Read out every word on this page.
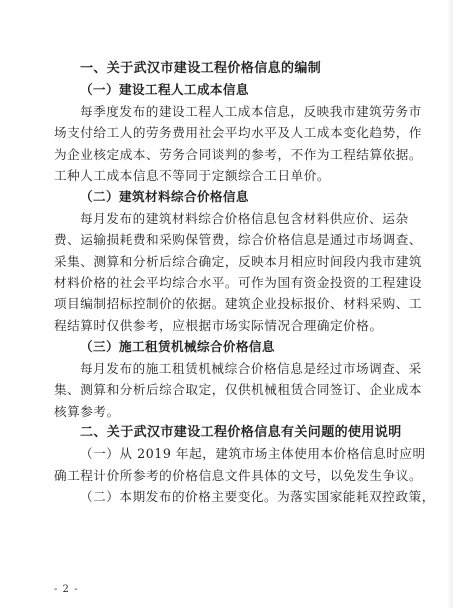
一、关于武汉市建设工程价格信息的编制
（一）建设工程人工成本信息
每季度发布的建设工程人工成本信息，反映我市建筑劳务市
场支付给工人的劳务费用社会平均水平及人工成本变化趋势，作
为企业核定成本、劳务合同谈判的参考，不作为工程结算依据。
工种人工成本信息不等同于定额综合工日单价。
（二）建筑材料综合价格信息
每月发布的建筑材料综合价格信息包含材料供应价、运杂
费、运输损耗费和采购保管费，综合价格信息是通过市场调查、
采集、测算和分析后综合确定，反映本月相应时间段内我市建筑
材料价格的社会平均综合水平。可作为国有资金投资的工程建设
项目编制招标控制价的依据。建筑企业投标报价、材料采购、工
程结算时仅供参考，应根据市场实际情况合理确定价格。
（三）施工租赁机械综合价格信息
每月发布的施工租赁机械综合价格信息是经过市场调查、采
集、测算和分析后综合取定，仅供机械租赁合同签订、企业成本
核算参考。
二、关于武汉市建设工程价格信息有关问题的使用说明
（一）从 2019 年起，建筑市场主体使用本价格信息时应明
确工程计价所参考的价格信息文件具体的文号，以免发生争议。
（二）本期发布的价格主要变化。为落实国家能耗双控政策，
- 2 -
